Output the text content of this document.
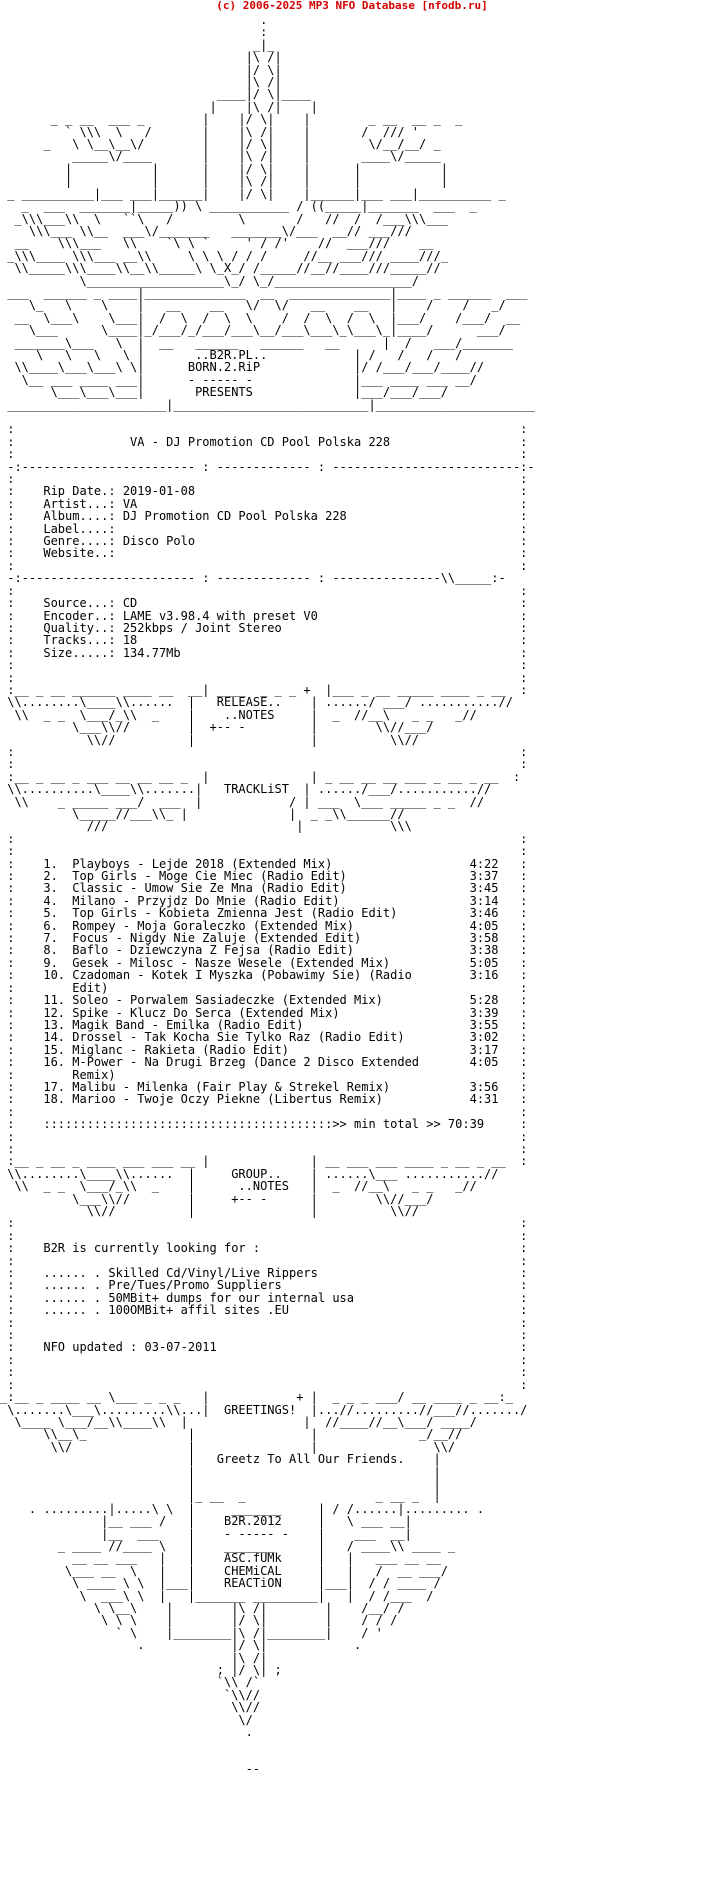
(c) 2006-2025 MP3 NFO Database [nfodb.ru]
.
:
_|_
|\ /|
|/ \|
|\ /|
____|/ \|____
|    |\ /|    |
_ _ __  ___ _        |    |/ \|    |        _ __  __ _  _
` \\\  \   /       |    |\ /|    |       /  /// '
_   \ \__\__\/        |    |/ \|    |        \/__/__/ _
_____\/____       |    |\ /|    |       ____\/_____
|           |      |    |/ \|    |      |           |
|           |      |    |\ /|    |      |           |
_ __________|___ ___|______|    |/ \|    |______|___ ___|__________ _
_  ___  _______|_____)) \ ___________ / ((_____|_______  ___  _
_\\\___\\  \   ``\   /         \       /   //  /  /___\\\___
\\\___ \\__  ___\/_______   _______\/___  __// ___///
__    \\\___   \\    `\ \ `     ' / /'    //  ___///    __
_\\\____ \\\___ __\\     \ \ \ / / /     //__ ___/// ____///_
\\_____\\\____\\__\\_____\ \_X_/ /_____//__//____///_____//
\___________________\_/ \_/___________________/
___  ______ _ ____|______________  __  ______________|____ _ ______  ___
\_   \    \    |   __    __   \/  \/   __    __   |    /    /   _/
__  \___\    \___|  /  \  /  \  \    /  /  \  /  \  |___/    /___/  __
\___      \____|_/___/_/___/___\__/___\___\_\___\_|____/      ___/
_______\___   \  |  __   ______   ______   __      |  /   ___/_______
\   \   \   \ |       ..B2R.PL..            | /   /   /   /
\\____\___\___\ \|      BORN.2.RiP             |/ /___/___/____//
\__ ___ ____ ___|      - ----- -              |___ ____ ___ __/
\___\___\___|       PRESENTS              |___/___/___/
______________________|___________________________|______________________

:                                                                      :
:                VA - DJ Promotion CD Pool Polska 228                  :
:                                                                      :
-:------------------------ : ------------- : --------------------------:-
:                                                                      :
:    Rip Date.: 2019-01-08                                             :
:    Artist...: VA                                                     :
:    Album....: DJ Promotion CD Pool Polska 228                        :
:    Label....:                                                        :
:    Genre....: Disco Polo                                             :
:    Website..:                                                        :
:                                                                      :
-:------------------------ : ------------- : ---------------\\_____:-
:                                                                      :
:    Source...: CD                                                     :
:    Encoder..: LAME v3.98.4 with preset V0                            :
:    Quality..: 252kbps / Joint Stereo                                 :
:    Tracks...: 18                                                     :
:    Size.....: 134.77Mb                                               :
:                                                                      :
:                                                                      :
:__ _ __ ______ ____ __  __| ____  _ _ _ +  |___ _ __ _____ ____ _ __  :
\\........\____\\......  |   RELEASE..    | ....../ ___/ ...........//
\\  _ _  \___/_\\  _    |    ..NOTES     |  _  //__\   _ _   _//
\___\\//        |  +-- -         |        \\//___/
\\//          |                |          \\//
:                                                                      :
:                                                                      :
:__ _ __ _ ___ __ __ __ _  |              | _ __ __ __ ___ _ __ _ __  :
\\..........\____\\.......|   TRACKLiST  | ....../___/...........//
\\    _ _____ ___/  ___  |            / | ___  \___ _____ _ _  //
\_____//___\\_ |              |  _ _\\______//
///                          |            \\\
:                                                                      :
:                                                                      :
:    1.  Playboys - Lejde 2018 (Extended Mix)                   4:22   :
:    2.  Top Girls - Moge Cie Miec (Radio Edit)                 3:37   :
:    3.  Classic - Umow Sie Ze Mna (Radio Edit)                 3:45   :
:    4.  Milano - Przyjdz Do Mnie (Radio Edit)                  3:14   :
:    5.  Top Girls - Kobieta Zmienna Jest (Radio Edit)          3:46   :
:    6.  Rompey - Moja Goraleczko (Extended Mix)                4:05   :
:    7.  Focus - Nigdy Nie Zaluje (Extended Edit)               3:58   :
:    8.  Baflo - Dziewczyna Z Fejsa (Radio Edit)                3:38   :
:    9.  Gesek - Milosc - Nasze Wesele (Extended Mix)           5:05   :
:    10. Czadoman - Kotek I Myszka (Pobawimy Sie) (Radio        3:16   :
:        Edit)                                                         :
:    11. Soleo - Porwalem Sasiadeczke (Extended Mix)            5:28   :
:    12. Spike - Klucz Do Serca (Extended Mix)                  3:39   :
:    13. Magik Band - Emilka (Radio Edit)                       3:55   :
:    14. Drossel - Tak Kocha Sie Tylko Raz (Radio Edit)         3:02   :
:    15. Miglanc - Rakieta (Radio Edit)                         3:17   :
:    16. M-Power - Na Drugi Brzeg (Dance 2 Disco Extended       4:05   :
:        Remix)                                                        :
:    17. Malibu - Milenka (Fair Play & Strekel Remix)           3:56   :
:    18. Marioo - Twoje Oczy Piekne (Libertus Remix)            4:31   :
:                                                                      :
:    ::::::::::::::::::::::::::::::::::::::::>> min total >> 70:39     :
:                                                                      :
:                                                                      :
:__ _ __ _ ____ ___ ___ __ |              | __ ___ ___ ____ _ __ _ __  :
\\........\____\\......  |     GROUP..    | ......\___ ...........//
\\  _ _  \___/_\\  _    |      ..NOTES   |  _  //__\   _ _   _//
\___\\//        |     +-- -      |        \\//___/
\\//          |                |          \\//
:                                                                      :
:                                                                      :
:    B2R is currently looking for :                                    :
:                                                                      :
:    ...... . Skilled Cd/Vinyl/Live Rippers                            :
:    ...... . Pre/Tues/Promo Suppliers                                 :
:    ...... . 50MBit+ dumps for our internal usa                       :
:    ...... . 100OMBit+ affil sites .EU                                :
:                                                                      :
:                                                                      :
:    NFO updated : 03-07-2011                                          :
:                                                                      :
:                                                                      :
:                                                                      :
_:__ _ ____ __ \___ _ _ _   |            + |  _ _ _ ___/ __ ____ _ __:_
\.......\___\.........\\...|  GREETINGS!  |...//.........//___//......./
\____ \___/__\\____\\  |                |  //____//__\___/ ____/
\\__\_              |                |              _/__//
\\/                |                |                \\/
|   Greetz To All Our Friends.    |
|                                 |
|                                 |
|_ __  _                  _ __ _  |
. .........|.....\ \  |     _______     | / /......|......... .
|__ ___ /   |    B2R.2012     |   \ ___ __|
|__  ___    |    - ----- -    |    ___  __|
_ ____ //____ \   |    _______      |   / ____\\ ____ _
__ __ ___   |   |    ASC.fUMk     |   |   ___ __ __
\___ __  \   |   |    CHEMiCAL     |   |   /  __ ___/
\ ____ \ \  |___|    REACTiON     |___|  / / ____ /
\  ___\ \  |   |_______ _________|   |  / /___  /
\ \__\    |        |\ /|        |    /__/ /
\ \ \    |        |/ \|        |    / / /
` \    |________|\ /|________|    / '
.            |/ \|            .
|\ /|
; |/ \| ;
`\\ /`
`\\//
\\//
\/
.

--
